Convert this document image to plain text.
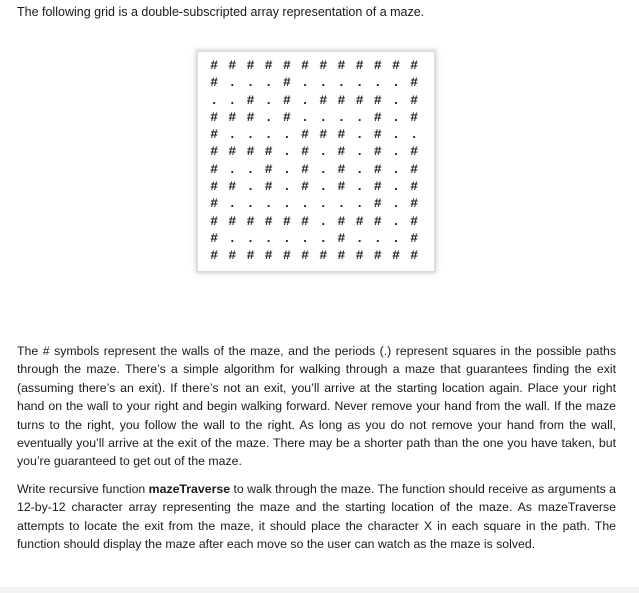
The following grid is a double-subscripted array representation of a maze.

# # # # # # # # # # # #
# . . . # . . . . . . #
. . # . # . # # # # . #
# # # . # . . . . # . #
# . . . . # # # . # . .
# # # # . # . # . # . #
# . . # . # . # . # . #
# # . # . # . # . # . #
# . . . . . . . . # . #
# # # # # # . # # # . #
# . . . . . . # . . . #
# # # # # # # # # # # #

The # symbols represent the walls of the maze, and the periods (.) represent squares in the possible paths through the maze. There’s a simple algorithm for walking through a maze that guarantees finding the exit (assuming there’s an exit). If there’s not an exit, you’ll arrive at the starting location again. Place your right hand on the wall to your right and begin walking forward. Never remove your hand from the wall. If the maze turns to the right, you follow the wall to the right. As long as you do not remove your hand from the wall, eventually you’ll arrive at the exit of the maze. There may be a shorter path than the one you have taken, but you’re guaranteed to get out of the maze.

Write recursive function mazeTraverse to walk through the maze. The function should receive as arguments a 12-by-12 character array representing the maze and the starting location of the maze. As mazeTraverse attempts to locate the exit from the maze, it should place the character X in each square in the path. The function should display the maze after each move so the user can watch as the maze is solved.
